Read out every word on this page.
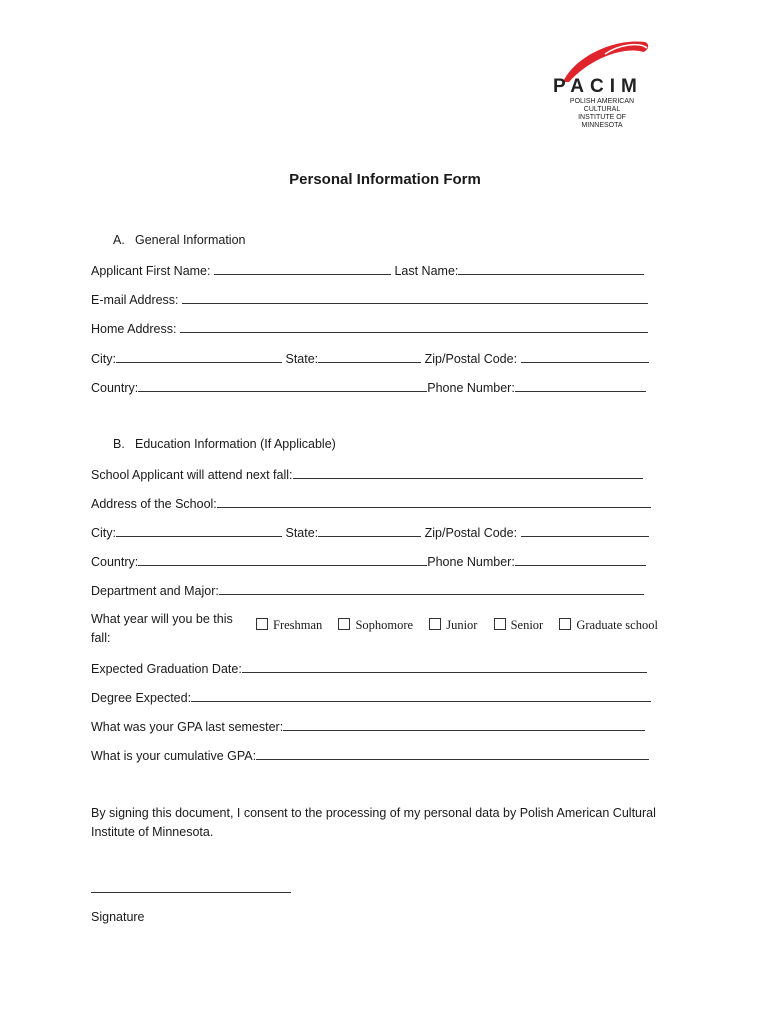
PACIM
POLISH AMERICAN CULTURAL
INSTITUTE OF MINNESOTA
Personal Information Form
A. General Information
Applicant First Name:	Last Name:
E-mail Address:
Home Address:
City:	State:	Zip/Postal Code:
Country:	Phone Number:
B. Education Information (If Applicable)
School Applicant will attend next fall:
Address of the School:
City:	State:	Zip/Postal Code:
Country:	Phone Number:
Department and Major:
What year will you be this fall:
Freshman	Sophomore	Junior	Senior	Graduate school
Expected Graduation Date:
Degree Expected:
What was your GPA last semester:
What is your cumulative GPA:
By signing this document, I consent to the processing of my personal data by Polish American Cultural Institute of Minnesota.
Signature
